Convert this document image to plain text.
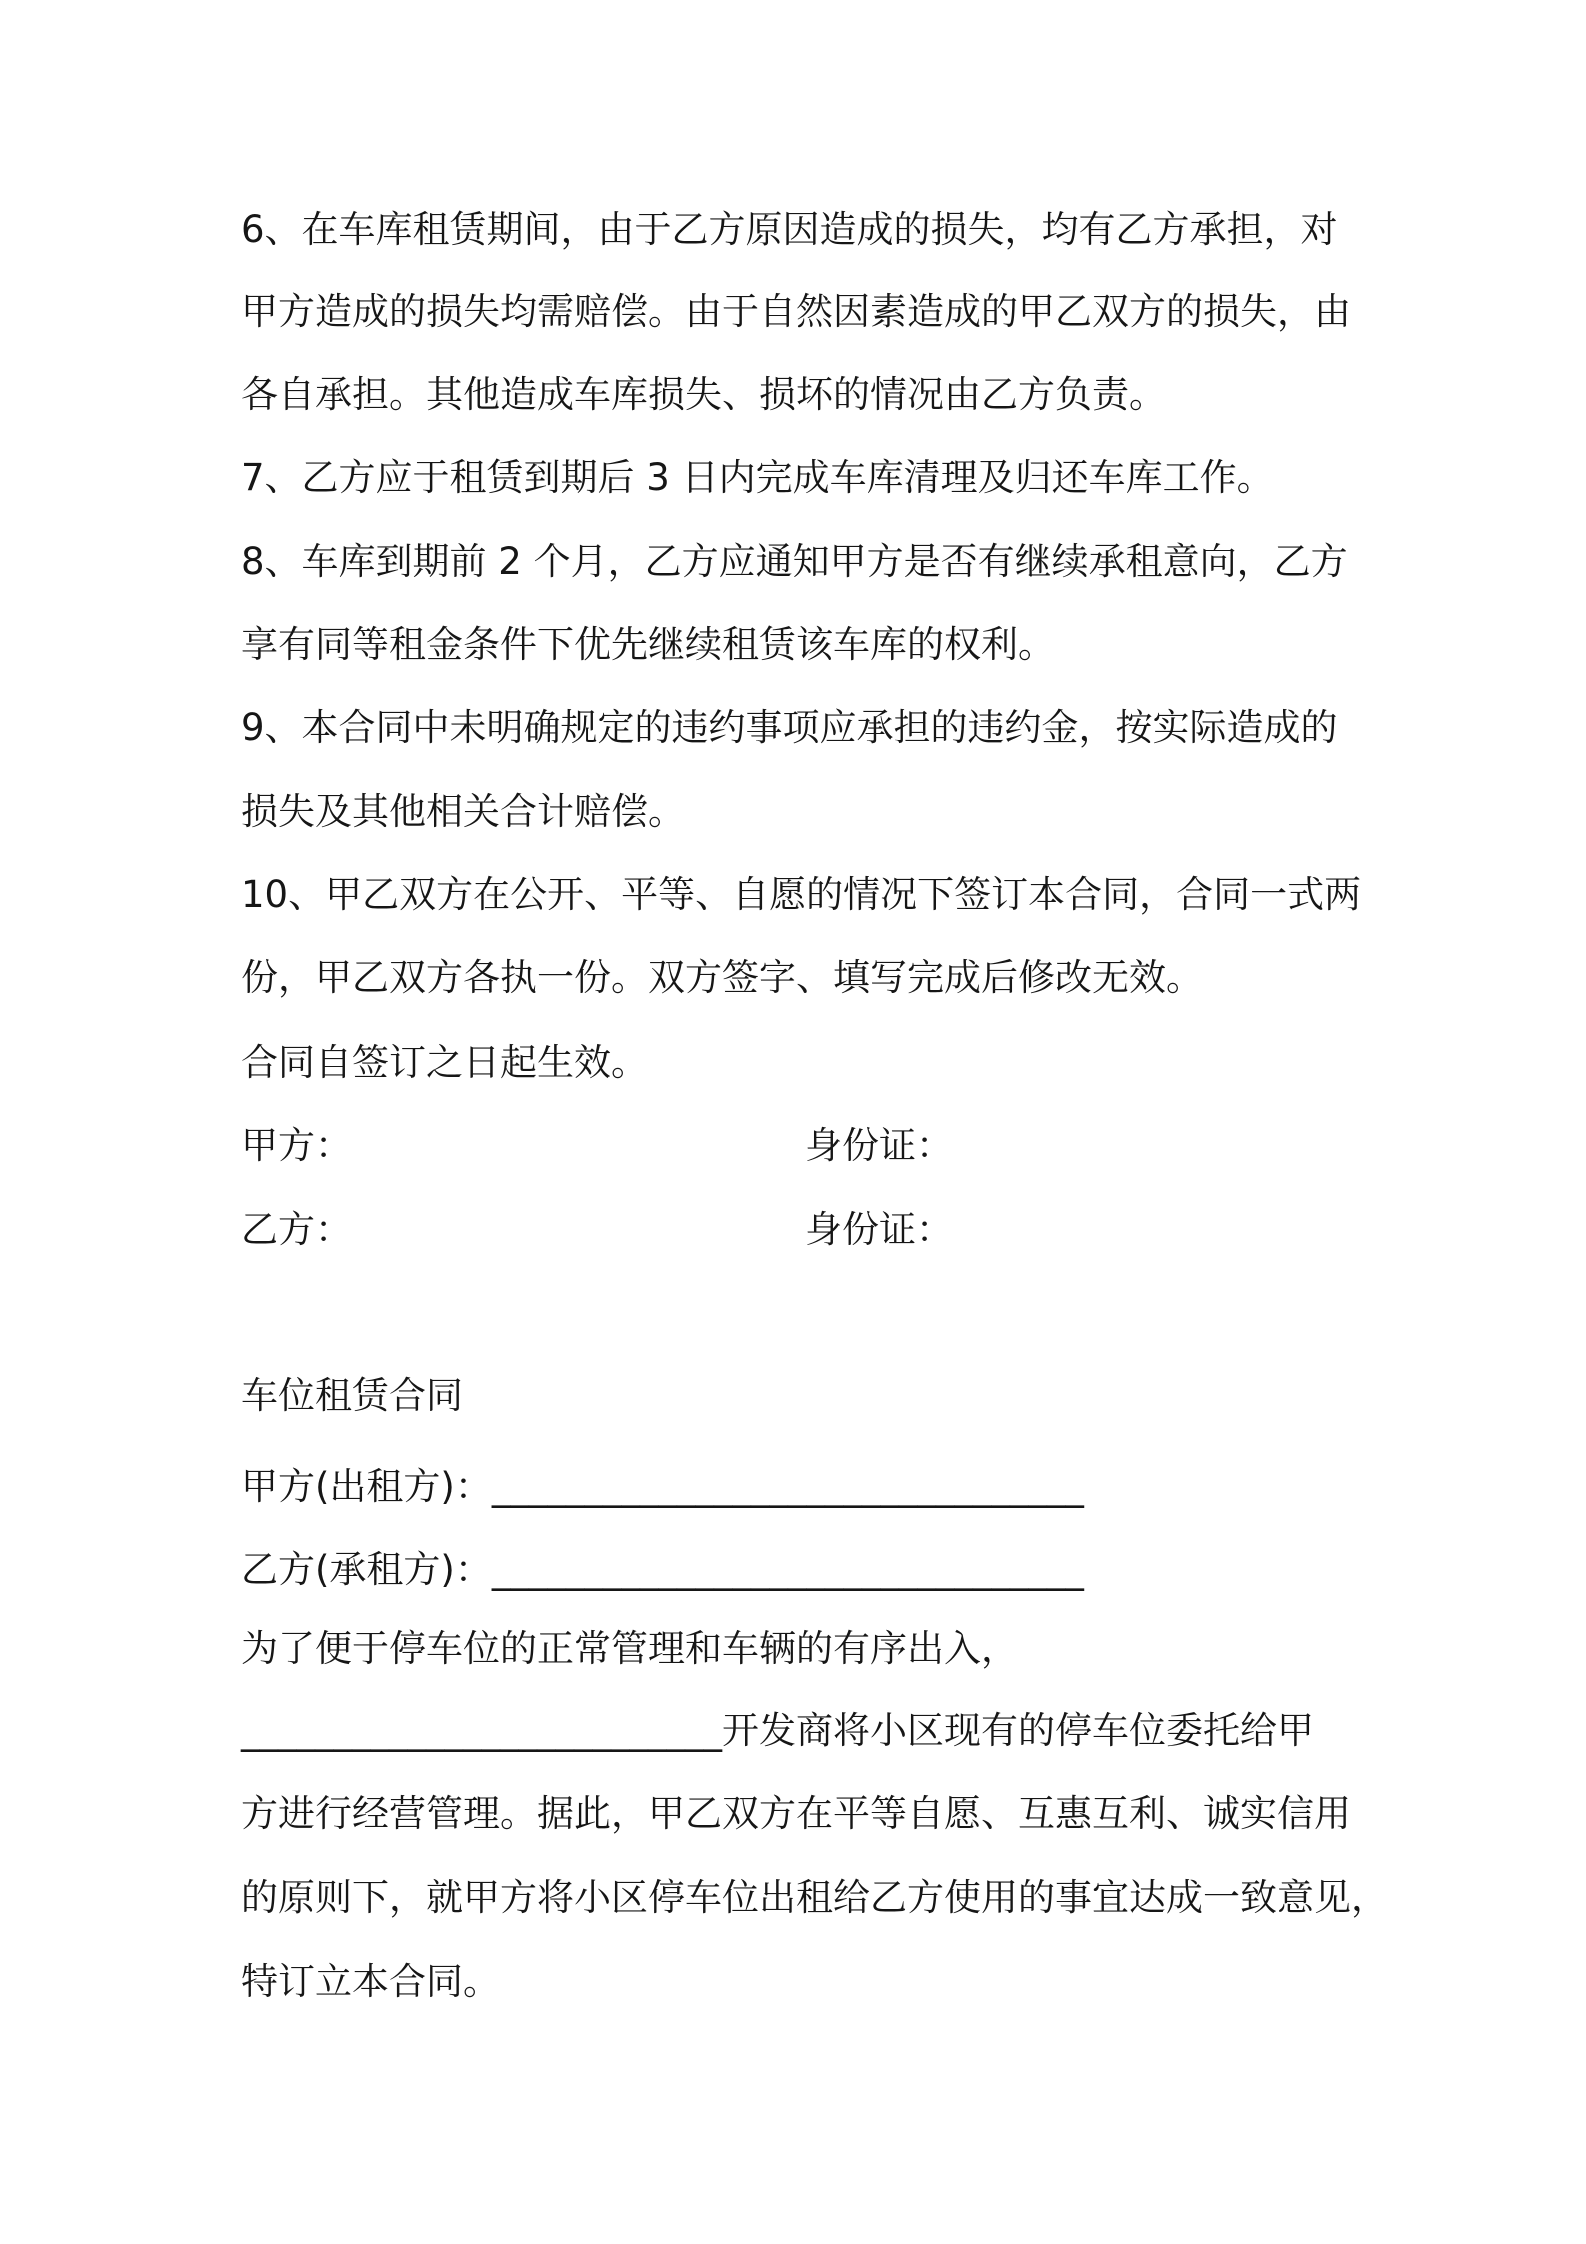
6、在车库租赁期间，由于乙方原因造成的损失，均有乙方承担，对
甲方造成的损失均需赔偿。由于自然因素造成的甲乙双方的损失，由
各自承担。其他造成车库损失、损坏的情况由乙方负责。
7、乙方应于租赁到期后 3 日内完成车库清理及归还车库工作。
8、车库到期前 2 个月，乙方应通知甲方是否有继续承租意向，乙方
享有同等租金条件下优先继续租赁该车库的权利。
9、本合同中未明确规定的违约事项应承担的违约金，按实际造成的
损失及其他相关合计赔偿。
10、甲乙双方在公开、平等、自愿的情况下签订本合同，合同一式两
份，甲乙双方各执一份。双方签字、填写完成后修改无效。
合同自签订之日起生效。
甲方：	身份证：
乙方：	身份证：
车位租赁合同
甲方(出租方)：________________________________
乙方(承租方)：________________________________
为了便于停车位的正常管理和车辆的有序出入，
__________________________开发商将小区现有的停车位委托给甲
方进行经营管理。据此，甲乙双方在平等自愿、互惠互利、诚实信用
的原则下，就甲方将小区停车位出租给乙方使用的事宜达成一致意见，
特订立本合同。
